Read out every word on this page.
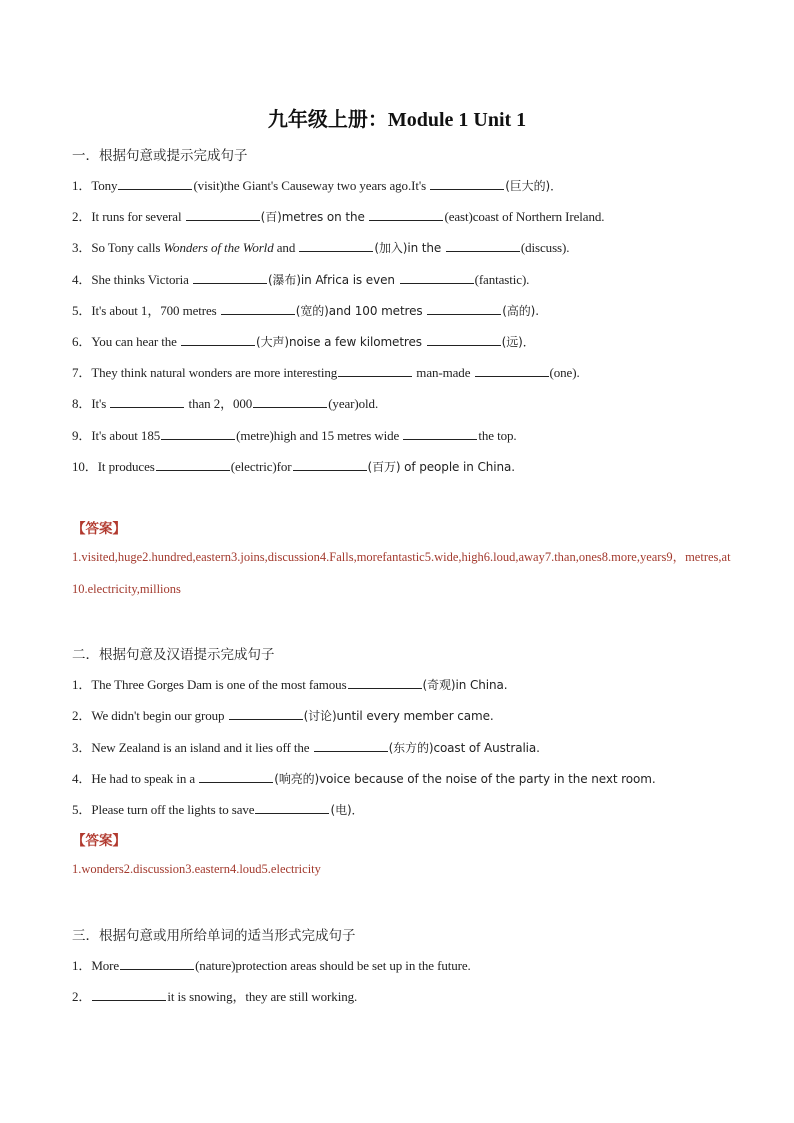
九年级上册：Module 1 Unit 1
一．根据句意或提示完成句子
1．Tony	(visit)the Giant's Causeway two years ago.It's	(巨大的)．
2．It runs for several	(百)metres on the	(east)coast of Northern Ireland.
3．So Tony calls Wonders of the World and	(加入)in the	(discuss).
4．She thinks Victoria	(瀑布)in Africa is even	(fantastic).
5．It's about 1，700 metres	(宽的)and 100 metres	(高的).
6．You can hear the	(大声)noise a few kilometres	(远)．
7．They think natural wonders are more interesting	man-made	(one).
8．It's	than 2，000	(year)old.
9．It's about 185	(metre)high and 15 metres wide	the top.
10．It produces	(electric)for	(百万) of people in China.
【答案】
1.visited,huge2.hundred,eastern3.joins,discussion4.Falls,morefantastic5.wide,high6.loud,away7.than,ones8.more,years9，metres,at10.electricity,millions
二．根据句意及汉语提示完成句子
1．The Three Gorges Dam is one of the most famous	(奇观)in China.
2．We didn't begin our group	(讨论)until every member came.
3．New Zealand is an island and it lies off the	(东方的)coast of Australia.
4．He had to speak in a	(响亮的)voice because of the noise of the party in the next room.
5．Please turn off the lights to save	(电)．
【答案】
1.wonders2.discussion3.eastern4.loud5.electricity
三．根据句意或用所给单词的适当形式完成句子
1．More	(nature)protection areas should be set up in the future.
2．	it is snowing，they are still working.
